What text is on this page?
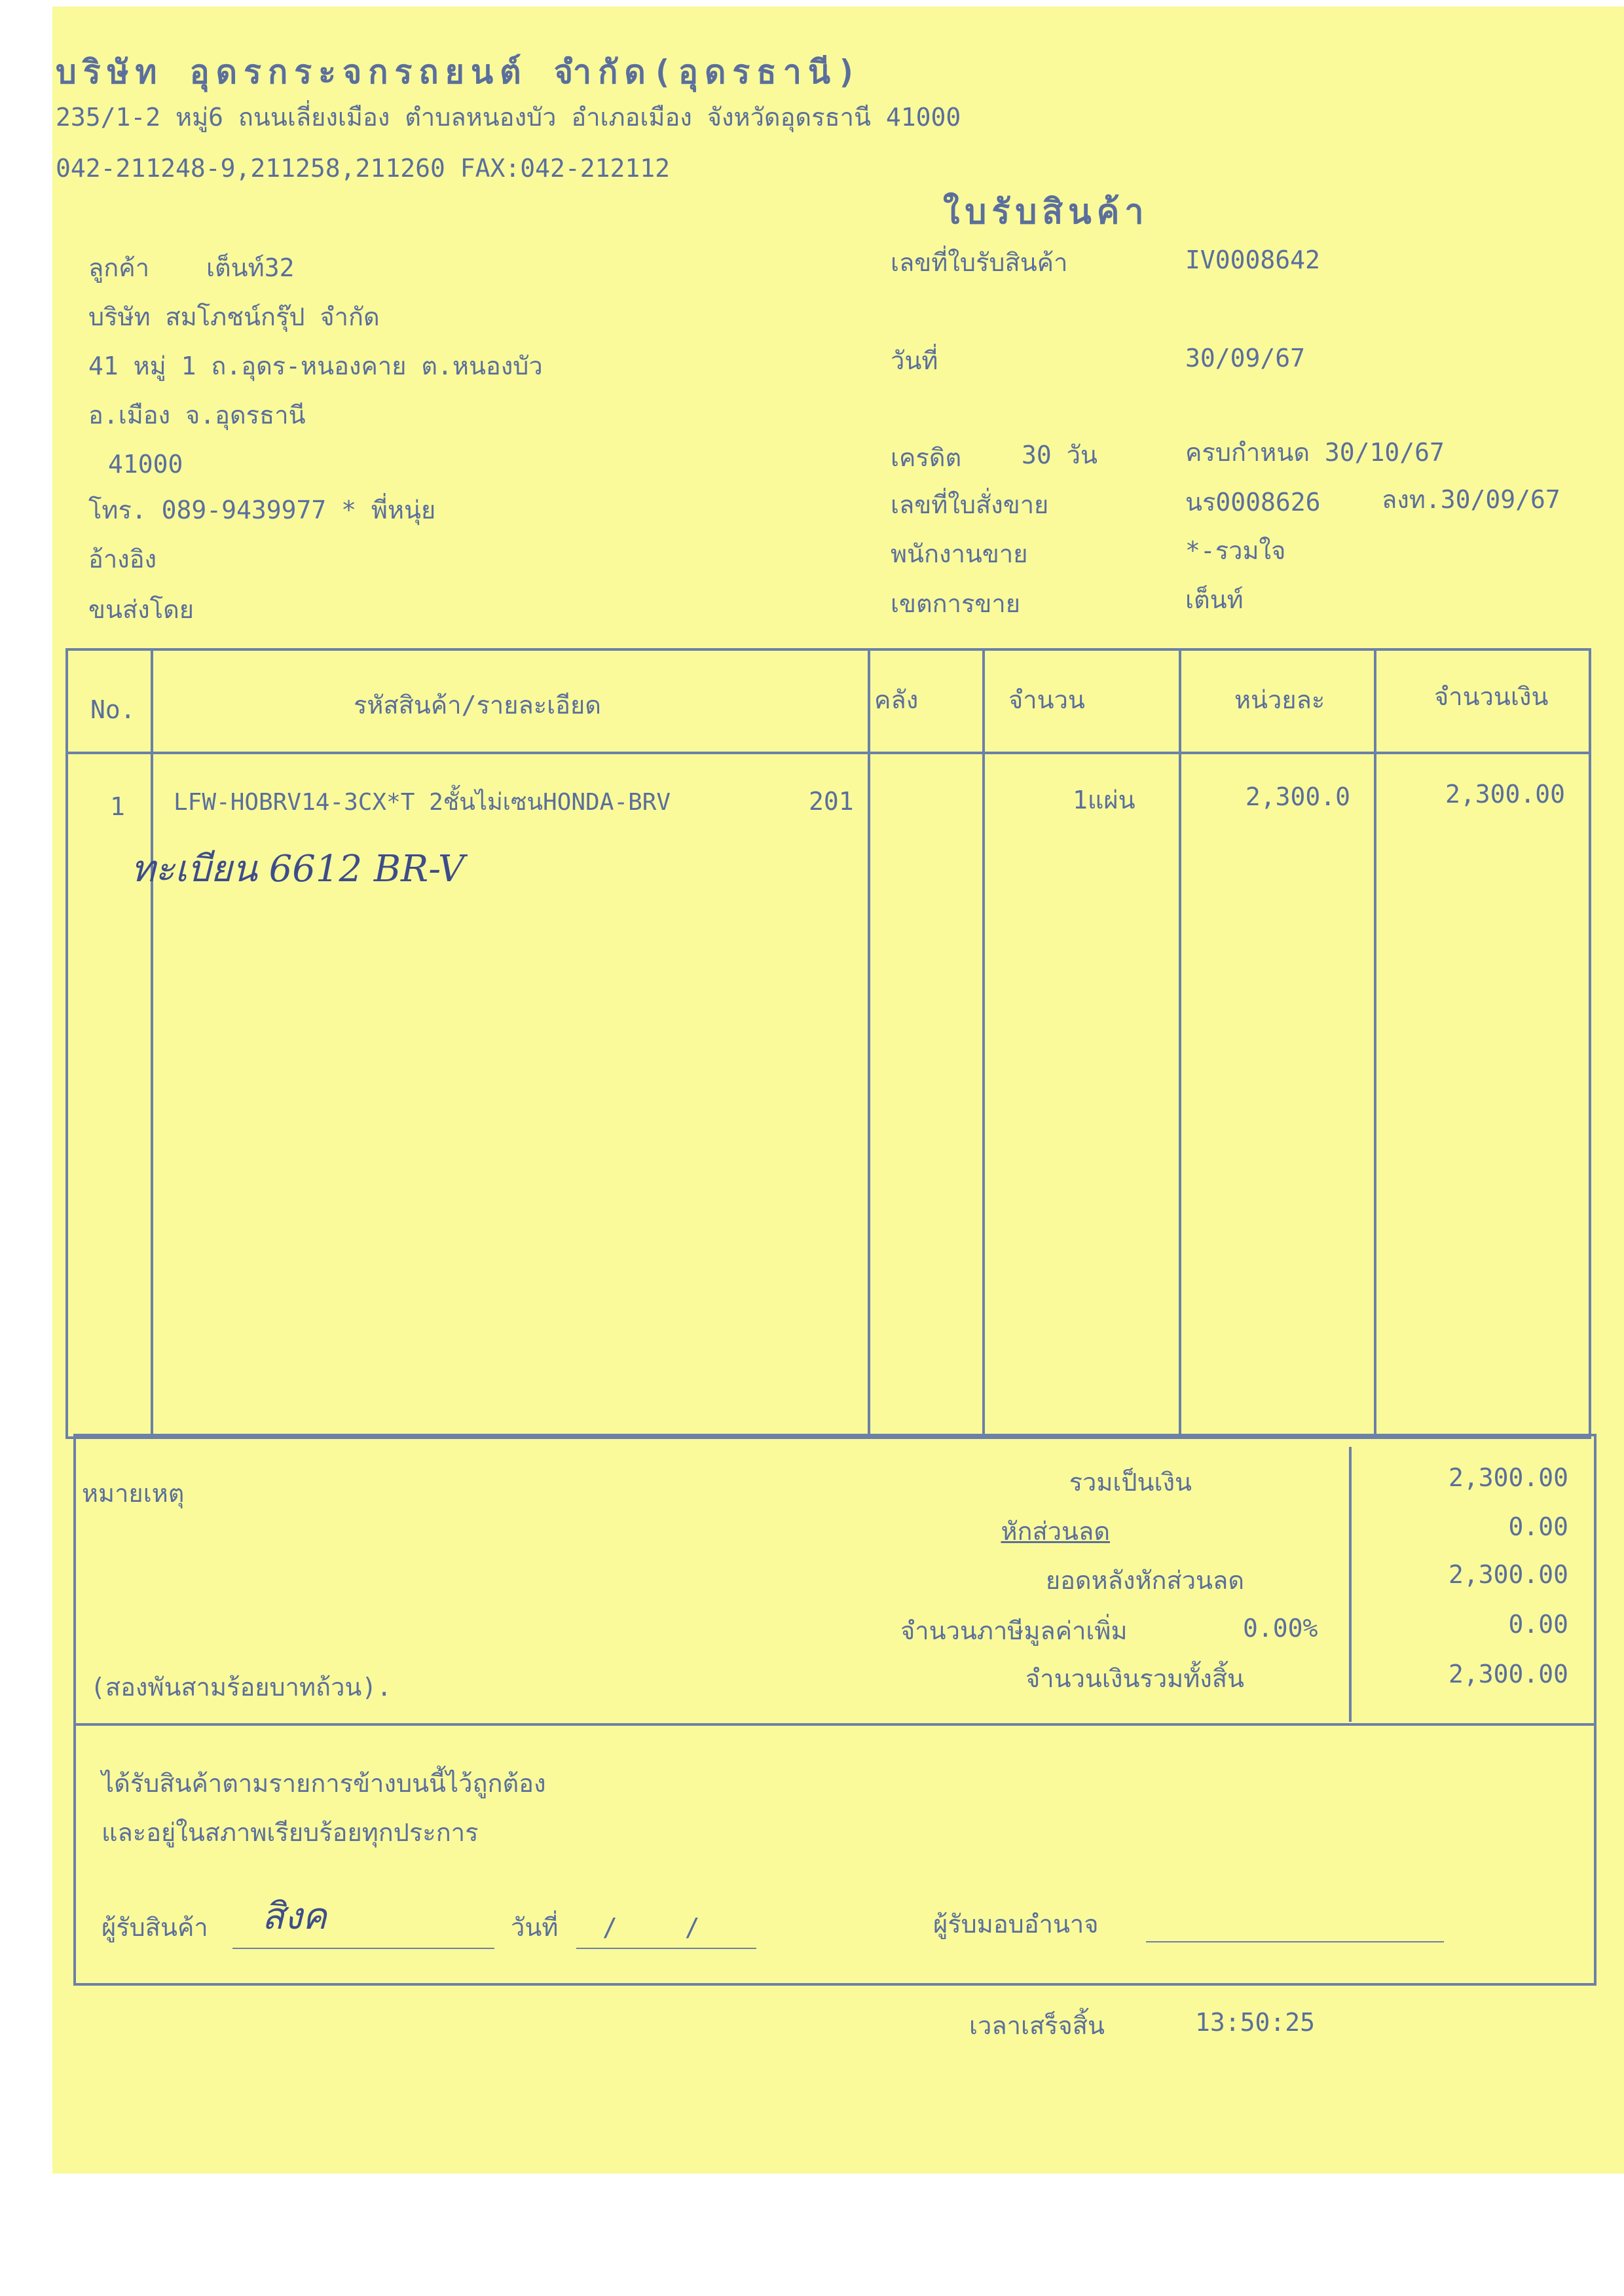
บริษัท อุดรกระจกรถยนต์ จำกัด(อุดรธานี)
235/1-2 หมู่6 ถนนเลี่ยงเมือง ตำบลหนองบัว อำเภอเมือง จังหวัดอุดรธานี 41000
042-211248-9,211258,211260 FAX:042-212112
ใบรับสินค้า
ลูกค้า เต็นท์32
บริษัท สมโภชน์กรุ๊ป จำกัด
41 หมู่ 1 ถ.อุดร-หนองคาย ต.หนองบัว
อ.เมือง จ.อุดรธานี
41000
โทร. 089-9439977 * พี่หนุ่ย
อ้างอิง
ขนส่งโดย
เลขที่ใบรับสินค้า	IV0008642
วันที่	30/09/67
เครดิต 30 วัน	ครบกำหนด 30/10/67
เลขที่ใบสั่งขาย	นร0008626 ลงท.30/09/67
พนักงานขาย	*-รวมใจ
เขตการขาย	เต็นท์
No.	รหัสสินค้า/รายละเอียด	คลัง	จำนวน	หน่วยละ	จำนวนเงิน
1 LFW-HOBRV14-3CX*T 2ชั้นไม่เซนHONDA-BRV	201	1แผ่น	2,300.0	2,300.00
ทะเบียน 6612 BR-V
หมายเหตุ
(สองพันสามร้อยบาทถ้วน).
รวมเป็นเงิน	2,300.00
หักส่วนลด	0.00
ยอดหลังหักส่วนลด	2,300.00
จำนวนภาษีมูลค่าเพิ่ม	0.00%	0.00
จำนวนเงินรวมทั้งสิ้น	2,300.00
ได้รับสินค้าตามรายการข้างบนนี้ไว้ถูกต้อง
และอยู่ในสภาพเรียบร้อยทุกประการ
ผู้รับสินค้า สิงค	วันที่ / /	ผู้รับมอบอำนาจ
เวลาเสร็จสิ้น	13:50:25
